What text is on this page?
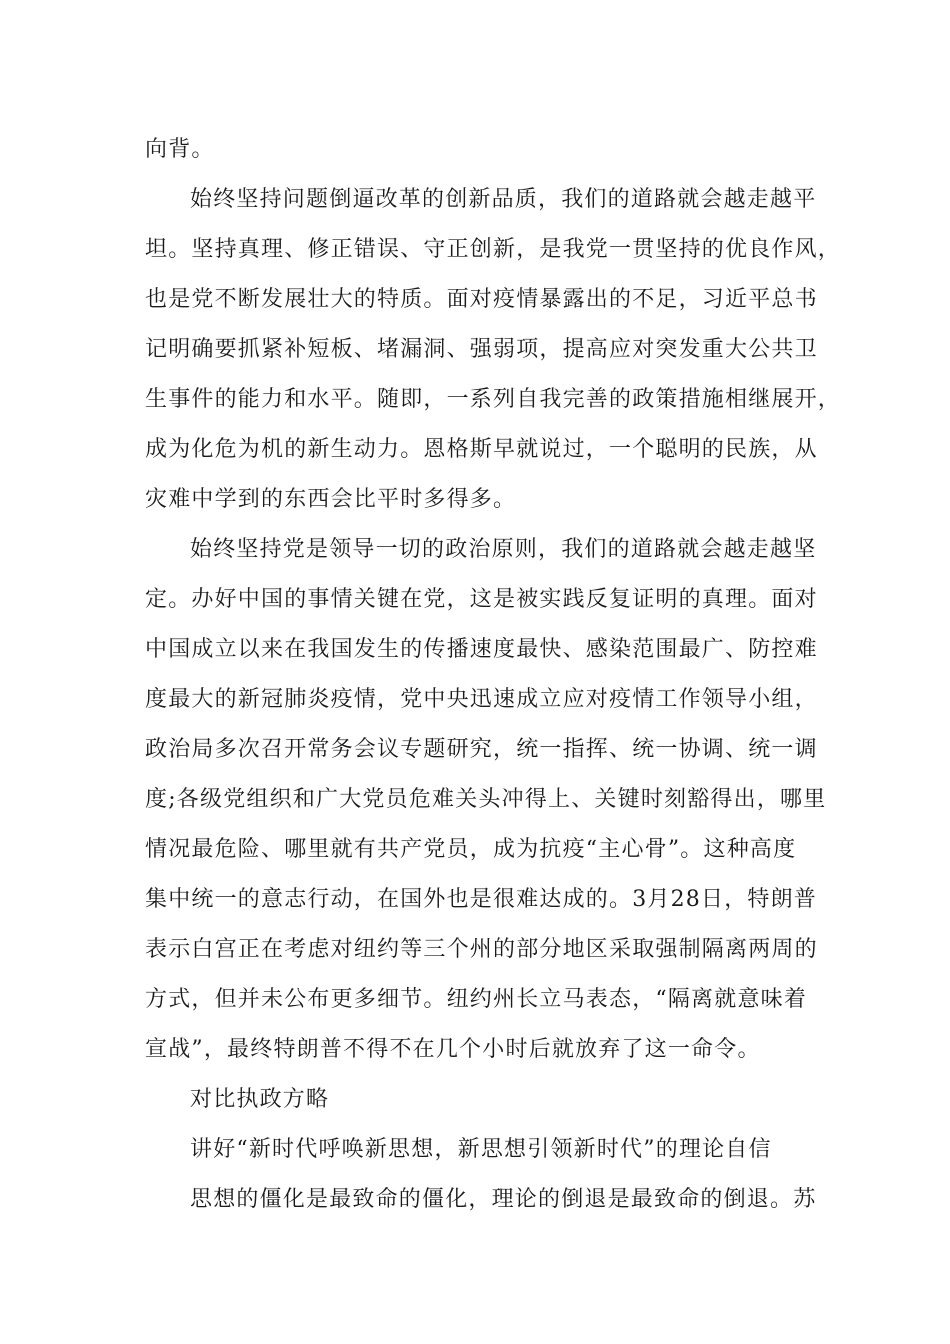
向背。
始终坚持问题倒逼改革的创新品质，我们的道路就会越走越平
坦。坚持真理、修正错误、守正创新，是我党一贯坚持的优良作风，
也是党不断发展壮大的特质。面对疫情暴露出的不足，习近平总书
记明确要抓紧补短板、堵漏洞、强弱项，提高应对突发重大公共卫
生事件的能力和水平。随即，一系列自我完善的政策措施相继展开，
成为化危为机的新生动力。恩格斯早就说过，一个聪明的民族，从
灾难中学到的东西会比平时多得多。
始终坚持党是领导一切的政治原则，我们的道路就会越走越坚
定。办好中国的事情关键在党，这是被实践反复证明的真理。面对
中国成立以来在我国发生的传播速度最快、感染范围最广、防控难
度最大的新冠肺炎疫情，党中央迅速成立应对疫情工作领导小组，
政治局多次召开常务会议专题研究，统一指挥、统一协调、统一调
度;各级党组织和广大党员危难关头冲得上、关键时刻豁得出，哪里
情况最危险、哪里就有共产党员，成为抗疫“主心骨”。这种高度
集中统一的意志行动，在国外也是很难达成的。3月28日，特朗普
表示白宫正在考虑对纽约等三个州的部分地区采取强制隔离两周的
方式，但并未公布更多细节。纽约州长立马表态，“隔离就意味着
宣战”，最终特朗普不得不在几个小时后就放弃了这一命令。
对比执政方略
讲好“新时代呼唤新思想，新思想引领新时代”的理论自信
思想的僵化是最致命的僵化，理论的倒退是最致命的倒退。苏
